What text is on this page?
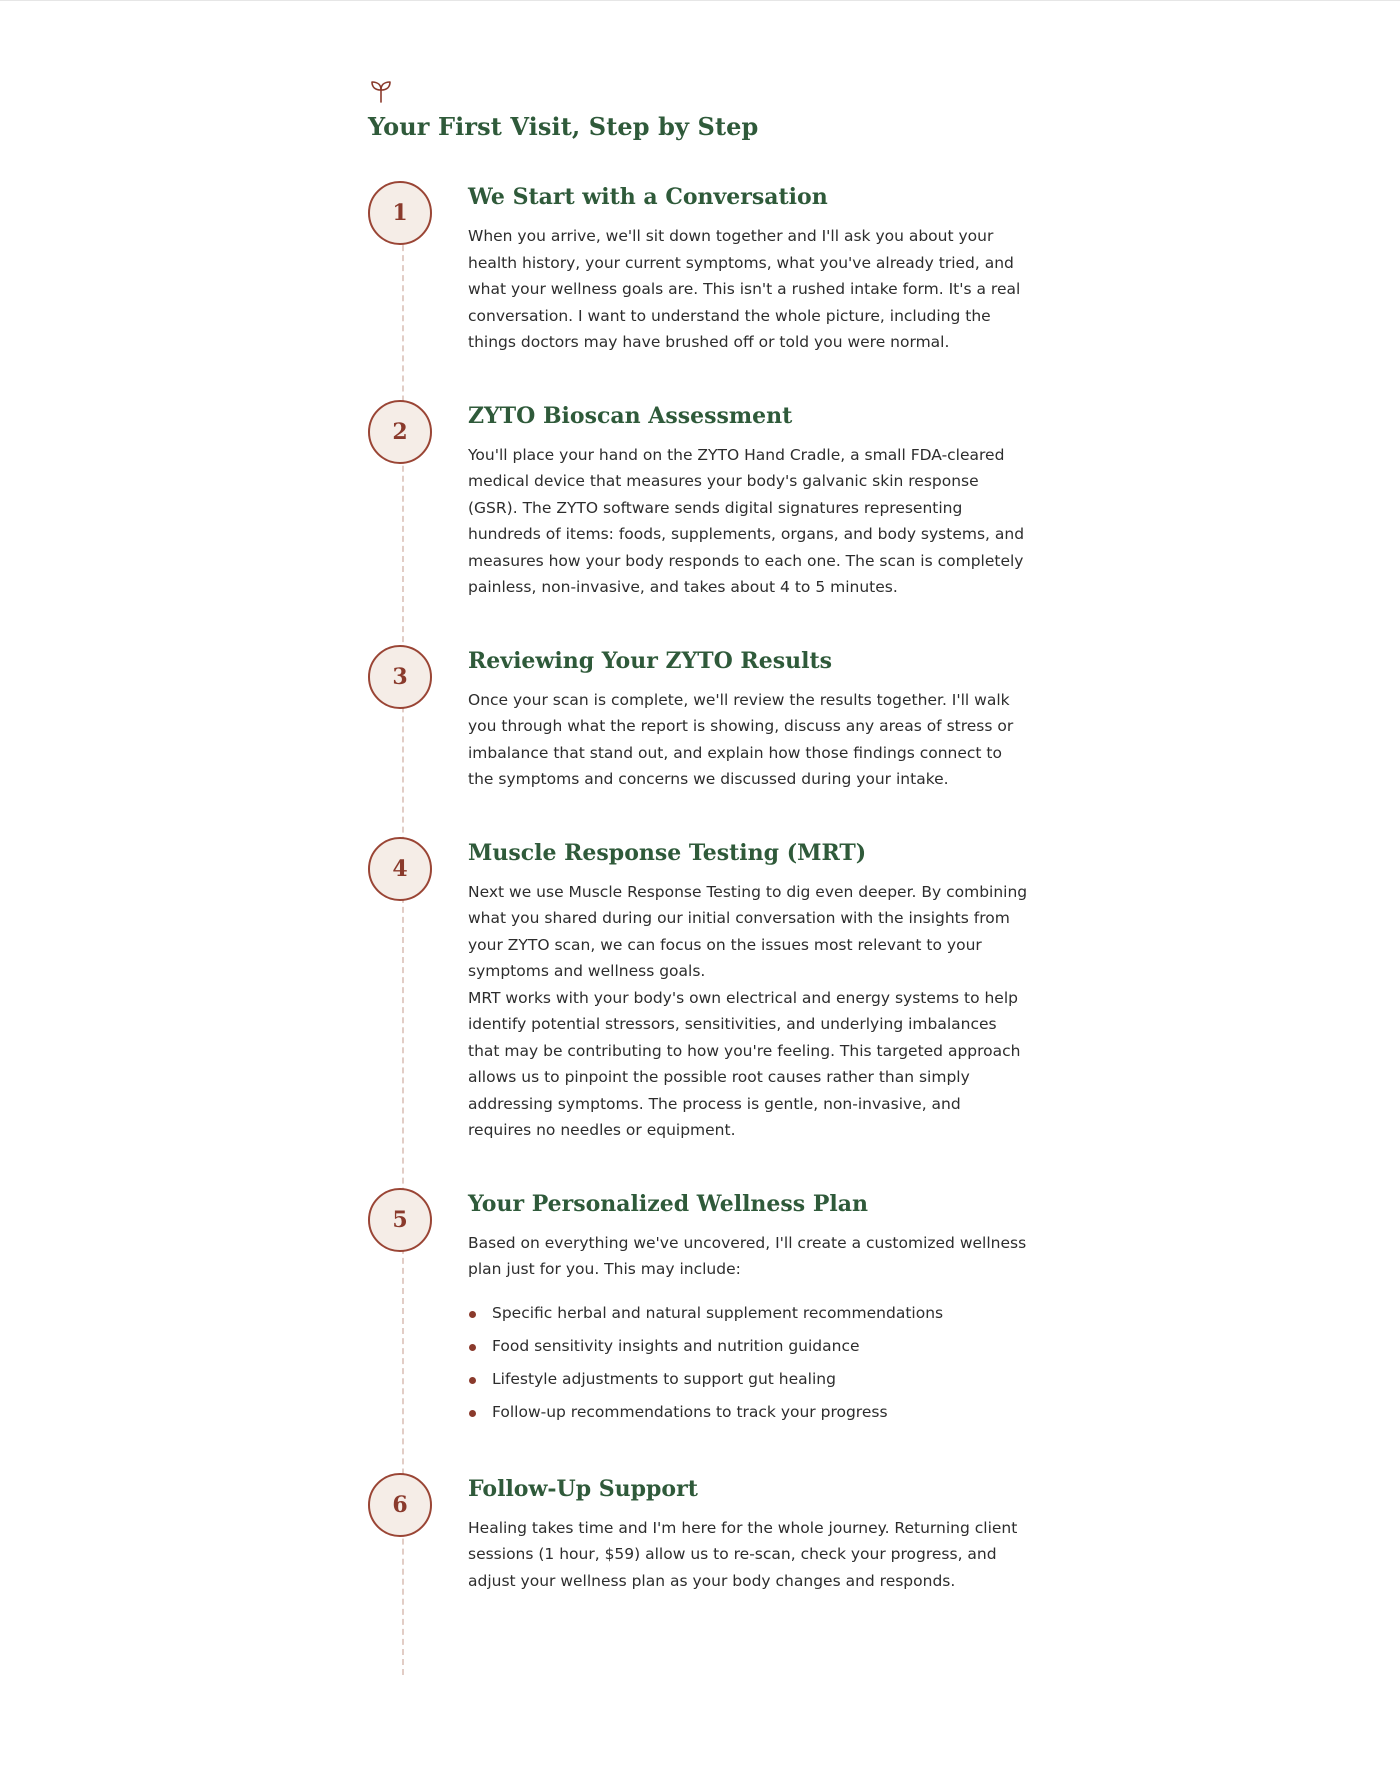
Your First Visit, Step by Step
1
We Start with a Conversation

When you arrive, we'll sit down together and I'll ask you about your health history, your current symptoms, what you've already tried, and what your wellness goals are. This isn't a rushed intake form. It's a real conversation. I want to understand the whole picture, including the things doctors may have brushed off or told you were normal.

2
ZYTO Bioscan Assessment

You'll place your hand on the ZYTO Hand Cradle, a small FDA-cleared medical device that measures your body's galvanic skin response (GSR). The ZYTO software sends digital signatures representing hundreds of items: foods, supplements, organs, and body systems, and measures how your body responds to each one. The scan is completely painless, non-invasive, and takes about 4 to 5 minutes.

3
Reviewing Your ZYTO Results

Once your scan is complete, we'll review the results together. I'll walk you through what the report is showing, discuss any areas of stress or imbalance that stand out, and explain how those findings connect to the symptoms and concerns we discussed during your intake.

4
Muscle Response Testing (MRT)

Next we use Muscle Response Testing to dig even deeper. By combining what you shared during our initial conversation with the insights from your ZYTO scan, we can focus on the issues most relevant to your symptoms and wellness goals.

MRT works with your body's own electrical and energy systems to help identify potential stressors, sensitivities, and underlying imbalances that may be contributing to how you're feeling. This targeted approach allows us to pinpoint the possible root causes rather than simply addressing symptoms. The process is gentle, non-invasive, and requires no needles or equipment.

5
Your Personalized Wellness Plan

Based on everything we've uncovered, I'll create a customized wellness plan just for you. This may include:

Specific herbal and natural supplement recommendations
Food sensitivity insights and nutrition guidance
Lifestyle adjustments to support gut healing
Follow-up recommendations to track your progress
6
Follow-Up Support

Healing takes time and I'm here for the whole journey. Returning client sessions (1 hour, $59) allow us to re-scan, check your progress, and adjust your wellness plan as your body changes and responds.
